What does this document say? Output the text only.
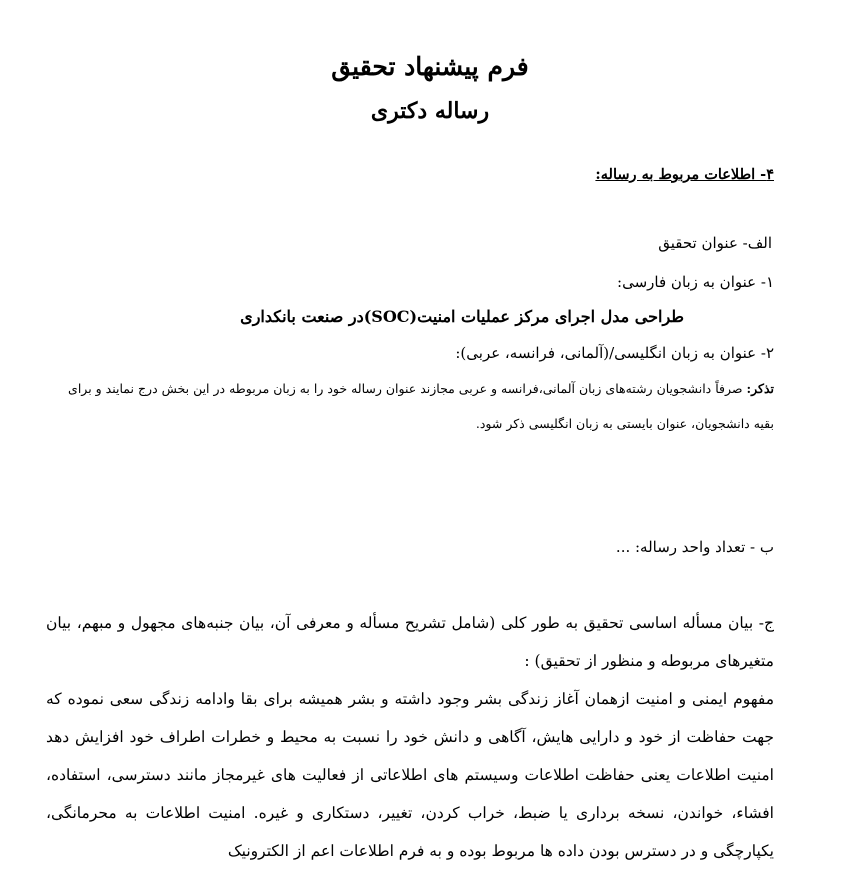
فرم پیشنهاد تحقیق
رساله دکتری
۴- اطلاعات مربوط به رساله:
الف- عنوان تحقیق
۱- عنوان به زبان فارسی:
طراحی مدل اجرای مرکز عملیات امنیت(SOC)در صنعت بانکداری
۲- عنوان به زبان انگلیسی/(آلمانی، فرانسه، عربی):
تذکر: صرفاً دانشجویان رشته‌های زبان آلمانی،فرانسه و عربی مجازند عنوان رساله خود را به زبان مربوطه در این بخش درج نمایند و برای
بقیه دانشجویان، عنوان بایستی به زبان انگلیسی ذکر شود.
ب - تعداد واحد رساله: ...
ج- بیان مسأله اساسی تحقیق به طور کلی (شامل تشریح مسأله و معرفی آن، بیان جنبه‌های مجهول و مبهم، بیان متغیرهای مربوطه و منظور از تحقیق) :
مفهوم ایمنی و امنیت ازهمان آغاز زندگی بشر وجود داشته و بشر همیشه برای بقا وادامه زندگی سعی نموده که جهت حفاظت از خود و دارایی هایش، آگاهی و دانش خود را نسبت به محیط و خطرات اطراف خود افزایش دهد امنیت اطلاعات یعنی حفاظت اطلاعات وسیستم های اطلاعاتی از فعالیت های غیرمجاز مانند دسترسی، استفاده، افشاء، خواندن، نسخه برداری یا ضبط، خراب کردن، تغییر، دستکاری و غیره. امنیت اطلاعات به محرمانگی، یکپارچگی و در دسترس بودن داده ها مربوط بوده و به فرم اطلاعات اعم از الکترونیک
